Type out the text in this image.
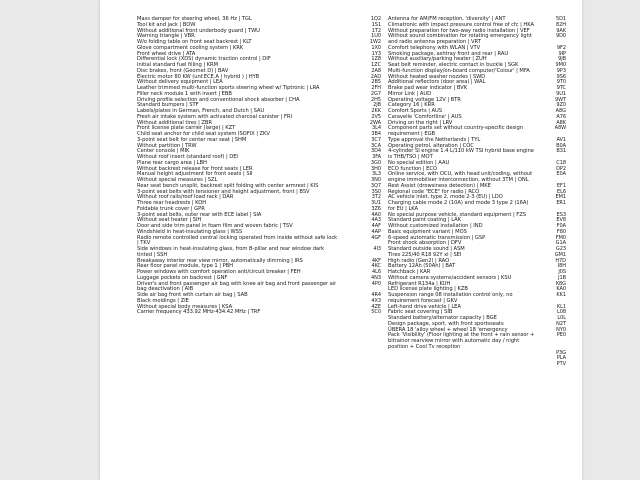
Mass damper for steering wheel, 36 Hz | TGL	1Q2
Tool kit and jack | BOW	1S1
Without additional front underbody guard | TWU	1T2
Warning triangle | VBR	1U0
W/o folding table on front seat backrest | KLT	1W2
Glove compartment cooling system | KRK	1X0
Front wheel drive | ATA	1Y3
Differential lock (XDS) dynamic traction control | DIF	1Z8
Initial standard fuel filling | KRM	1ZC
Disc brakes, front (Geomet D) | BAV	2A8
Electric motor 80 KW (unf.ECE.A ( hybrid ) | HYB	2AD
Without delivery equipment | LEA	2B5
Leather trimmed multi-function sports steering wheel w/ Tiptronic | LRA	2FH
Filler neck module 1 with insert | EBB	2G7
Driving profile selection and conventional shock absorber | CHA	2H5
Standard bumpers | STF	2JB
Labels/plates in German, French, and Dutch | SAU	2KK
Fresh air intake system with activated charcoal canister | FRI	2V5
Without additional tires | ZBR	2WA
Front license plate carrier (large) | KZT	3L4
Child seat anchor for child seat system ISOFIX | ZKV	3B4
3-point seat belt for center rear seat | SHM	3C7
Without partition | TRW	3CA
Center console | MIK	3D4
Without roof insert (standard roof) | DEI	3FA
Plane rear cargo area | LBH	3G0
Without backrest release for front seats | LER	3H0
Manual height adjustment for front seats | SII	3L3
Without special measures | SZL	3N0
Rear seat bench unsplit, backrest split folding with center armrest | KIS	3Q7
3-point seat belts with tensioner and height adjustment, front | BSV	3S0
Without roof rails/roof load rack | DAR	3T2
Three rear headrests | KOH	3U1
Foldable trunk cover | GPR	3Z6
3-point seat belts, outer rear with ECE label | SIA	4A0
Without seat heater | SIH	4A3
Door and side trim panel in foam film and woven fabric | TSV	4AF
Windshield in heat-insulating glass | WSS	4AP
Radio remote controlled central locking operated from inside without safe lock | TKV
4GF
Side windows in heat-insulating glass, from B-pillar and rear window dark tinted | SSH
4I3
Breakaway interior rear view mirror, automatically dimming | IRS	4KF
Rear floor panel module, type 1 | PBH	4KC
Power windows with comfort operation anti/circuit breaker | FEH	4L6
Luggage pockets on backrest | GNF	4N3
Driver's and front passenger air bag with knee air bag and front passenger air bag deactivation | AIB
4P0
Side air bag front with curtain air bag | SAB	4R4
Black moldings | ZIE	4X3
Without special body measures | KSA	4ZE
Carrier frequency 433.92 MHz-434.42 MHz | TRF	5C0
Antenna for AM/FM reception, 'diversity' | ANT	5D1
Climatronic with impact pressure control free of cfc | HKA	82H
Without preparation for two-way radio installation | VEF	9AK
Without sound combination for rotating emergency light and radio antenna preparation | VRT
9D0
Comfort telephony with WLAN | VTV	9F2
Smoking package, ashtray front and rear | RAU	9IP
Without auxiliary/parking heater | ZUH	9JB
Seat belt reminder, electric contact in buckle | SGK	9M0
Multi-function display/on-board computer/'Colour' | MFA	9P3
Without heated washer nozzles | SWD	9S6
Additional reflectors (door area) | WAL	9T0
Brake pad wear indicator | BVK	9TC
Mirror Link | AUD	9U1
Operating voltage 12V | BTR	9WT
Category 16 | KRR	9Z0
Comfort Sports | AUS	A8G
Caravelle 'Comfortline' | AUS	A76
Driving on the right | LRV	A8K
Component parts set without country-specific design requirement | EGB
A8W
Type approval the Netherlands | TYL	AV1
Operating petrol, alteration | COC	B0A
4-cylinder SI engine 1.4 L/110 kW TSI hybrid base engine is THB/TSO | MOT
B31
No special edition | AAU	C18
ECO function | ECO	DP2
Online service, with OCU, with head unit/coding, without engine immobiliser interconnection, without 3TM | ONL
E0A
Rest Assist (drowsiness detection) | MKE	EF1
Regional code "ECE" for radio | RCO	EL6
AC vehicle inlet, type 2, mode 2-3 (EU) | LDO	EM1
Charging cable mode 2 (10A) and mode 3 type 2 (16A) for EU | LKA
ER1
No special purpose vehicle, standard equipment | FZS	ES3
Standard paint coating | LAK	EV8
Without customized installation | IND	F0A
Basic equipment variant | MOS	F80
6-speed automatic transmission | GSP	FM0
Front shock absorption | DFV	G1A
Standard outside sound | ASM	G23
Tires 225/40 R18 92Y xl | SEI	GM1
High radio (Gen2) | RAO	H7D
Battery 12Ah (50Ah) | BAT	I8H
Hatchback | KAR	J0S
Without camera systems/accident sensors | KSU	J1B
Refrigerant R134a | KUH	K8G
LED license plate lighting | KZB	KA0
Suspension range 08 installation control only, no requirement forecast | GKV
KK1
Left-hand drive vehicle | LEA	KL1
Fabric seat covering | SIB	L08
Standard battery/alternator capacity | BGE	L0L
Design package, sport, with front sportsseats	N2T
ÜBERA 18 'alloy wheel + wheel 18 'emergency	NY0
Pack 'Visibility' (Floor lighting at the front + rain sensor + bitrainor rearview mirror with automatic day / night position + Cool Tv reception
PE0
P3G
PLA
PTV
